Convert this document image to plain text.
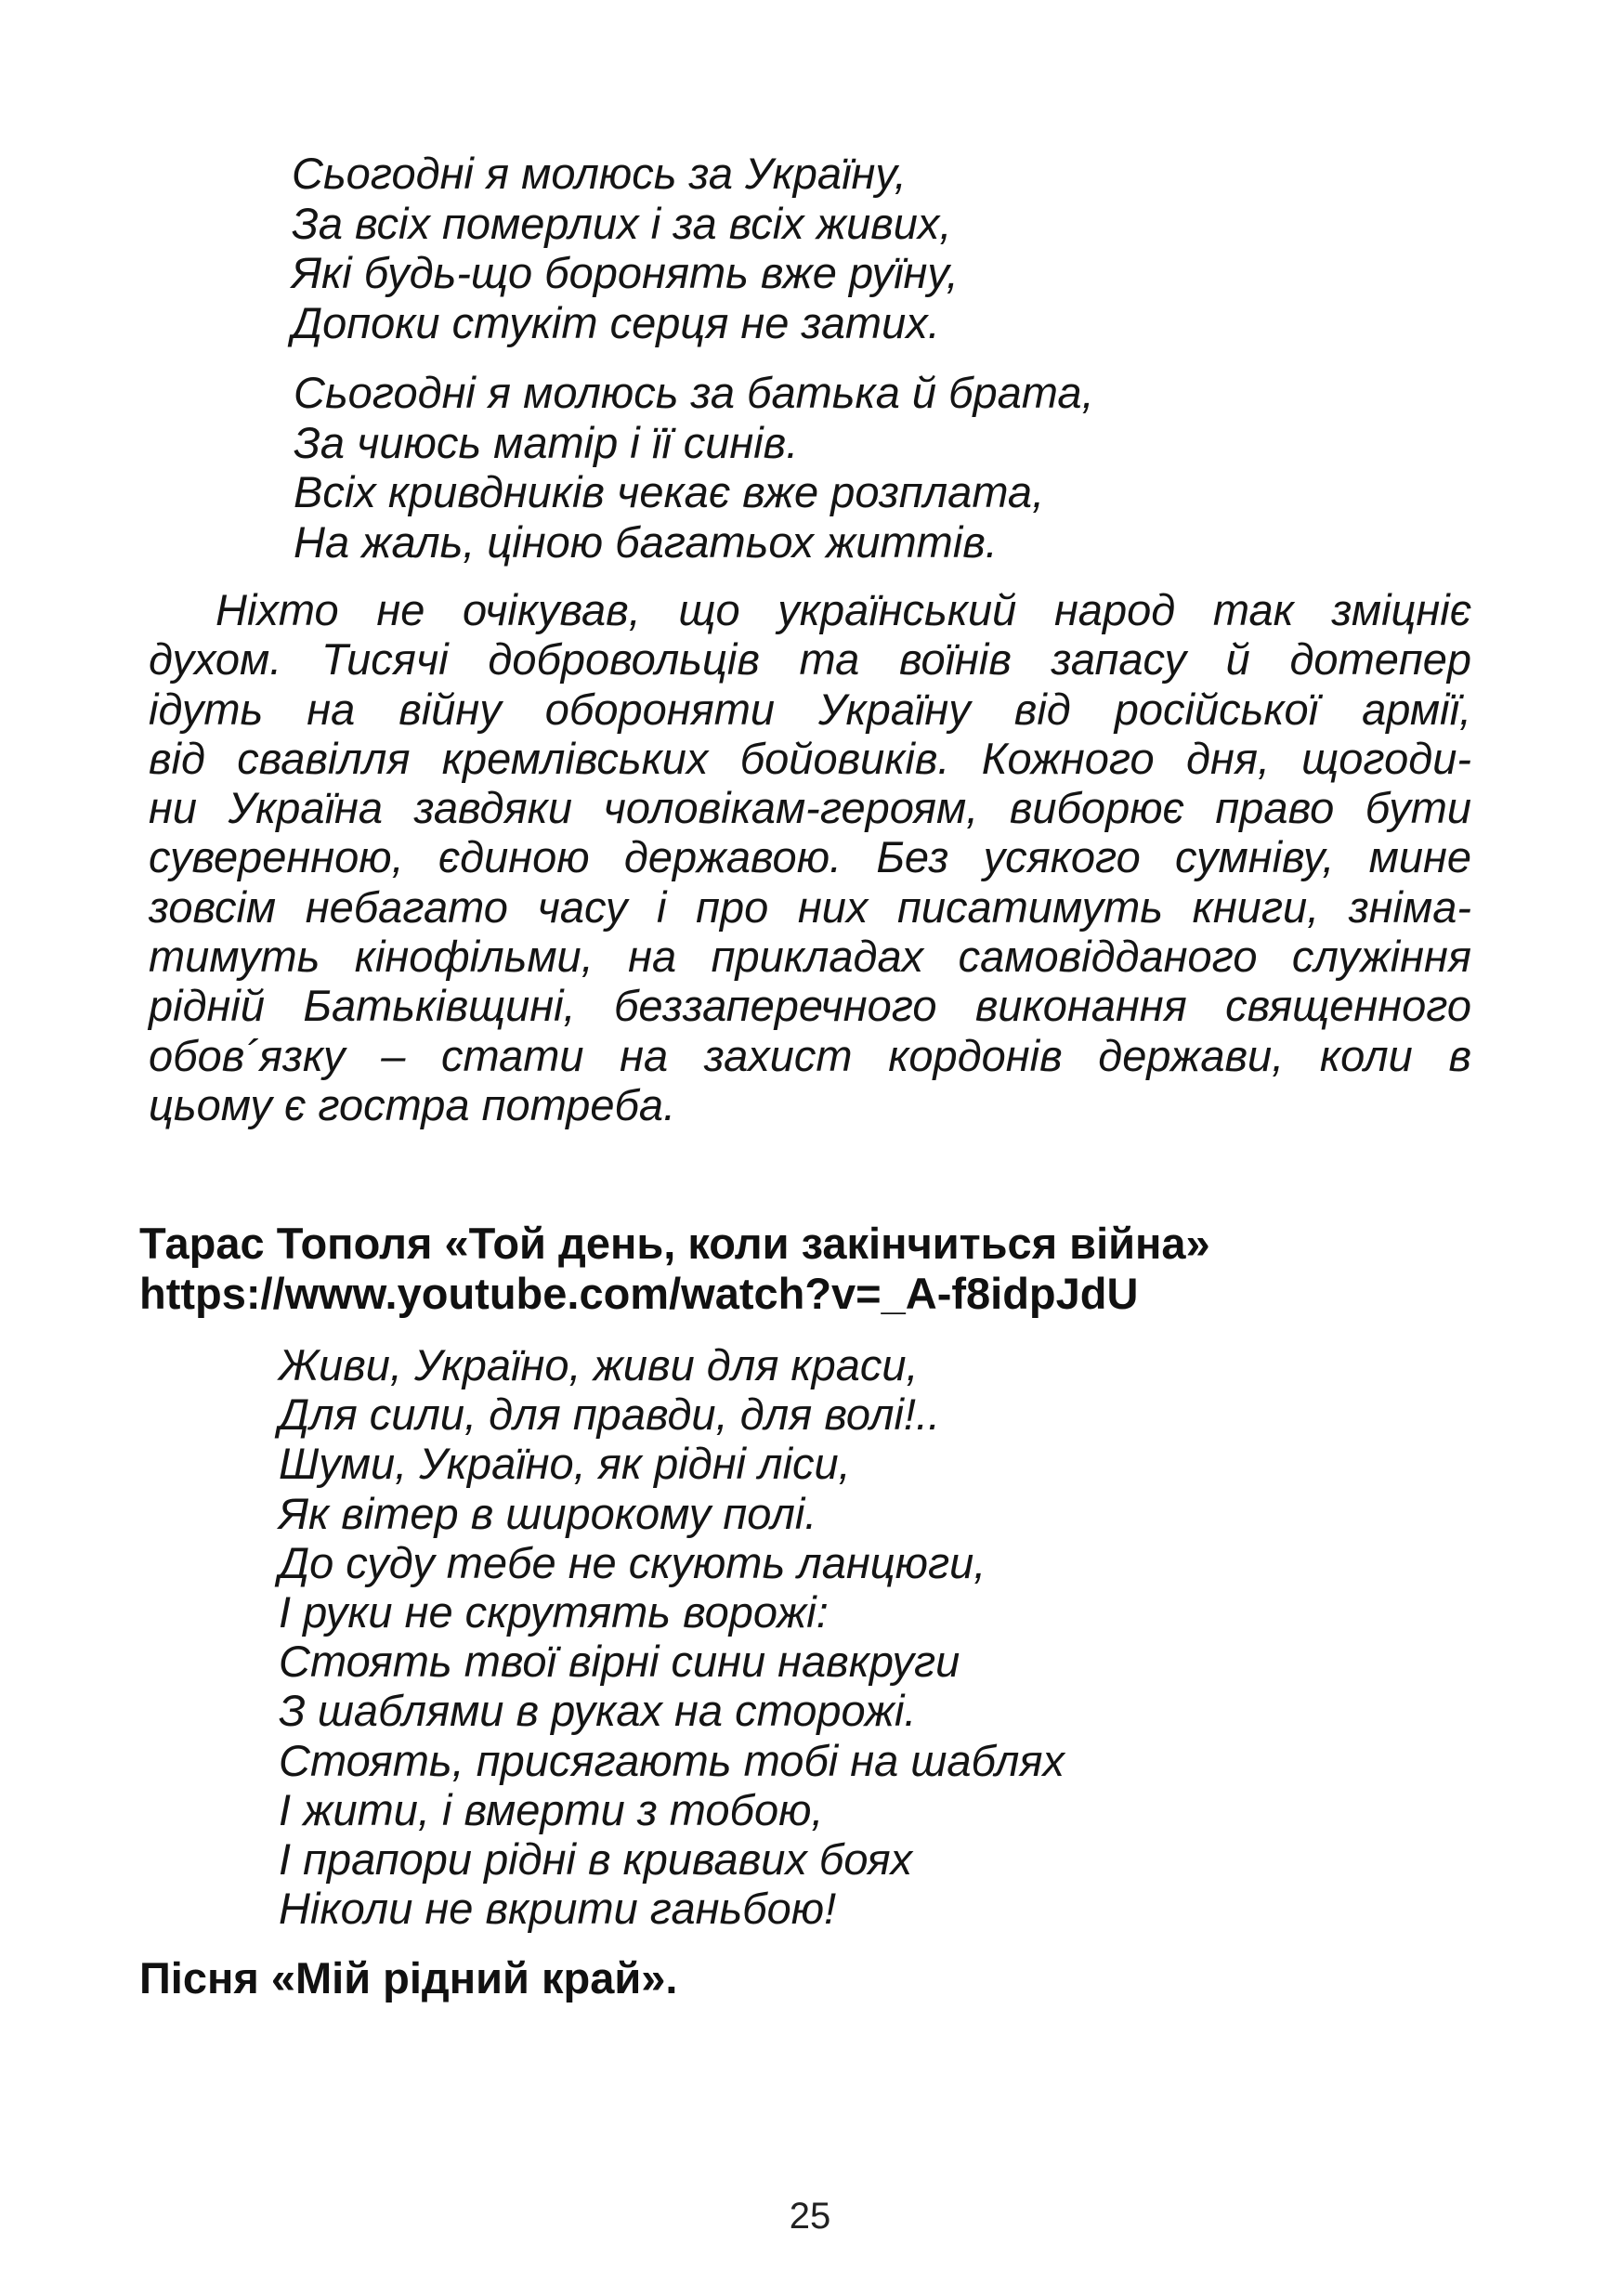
Сьогодні я молюсь за Україну,
За всіх померлих і за всіх живих,
Які будь-що боронять вже руїну,
Допоки стукіт серця не затих.
Сьогодні я молюсь за батька й брата,
За чиюсь матір і її синів.
Всіх кривдників чекає вже розплата,
На жаль, ціною багатьох життів.
Ніхто не очікував, що український народ так зміцніє
духом. Тисячі добровольців та воїнів запасу й дотепер
ідуть на війну обороняти Україну від російської армії,
від свавілля кремлівських бойовиків. Кожного дня, щогоди-
ни Україна завдяки чоловікам-героям, виборює право бути
суверенною, єдиною державою. Без усякого сумніву, мине
зовсім небагато часу і про них писатимуть книги, зніма-
тимуть кінофільми, на прикладах самовідданого служіння
рідній Батьківщині, беззаперечного виконання священного
обов´язку – стати на захист кордонів держави, коли в
цьому є гостра потреба.
Тарас Тополя «Той день, коли закінчиться війна»
https://www.youtube.com/watch?v=_A-f8idpJdU
Живи, Україно, живи для краси,
Для сили, для правди, для волі!..
Шуми, Україно, як рідні ліси,
Як вітер в широкому полі.
До суду тебе не скують ланцюги,
І руки не скрутять ворожі:
Стоять твої вірні сини навкруги
З шаблями в руках на сторожі.
Стоять, присягають тобі на шаблях
І жити, і вмерти з тобою,
І прапори рідні в кривавих боях
Ніколи не вкрити ганьбою!
Пісня «Мій рідний край».
25
